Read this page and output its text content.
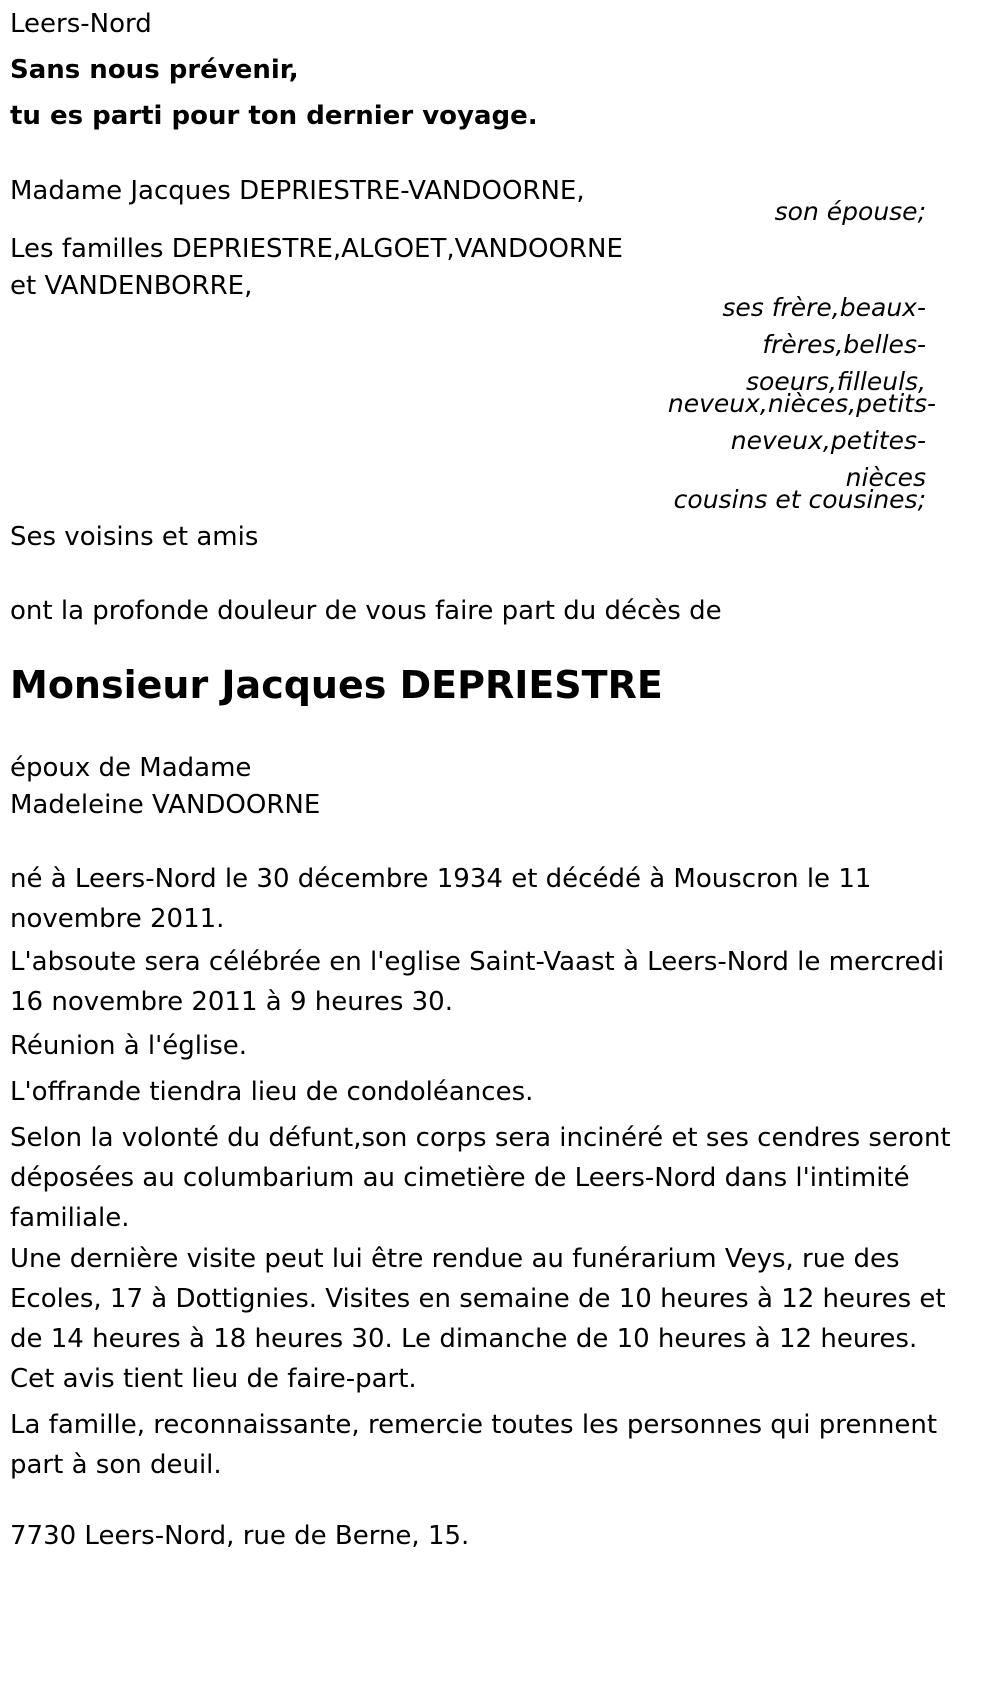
Leers-Nord
Sans nous prévenir,
tu es parti pour ton dernier voyage.
Madame Jacques DEPRIESTRE-VANDOORNE,
son épouse;
Les familles DEPRIESTRE,ALGOET,VANDOORNE
et VANDENBORRE,
ses frère,beaux-
frères,belles-
soeurs,filleuls,
neveux,nièces,petits-
neveux,petites-
nièces
cousins et cousines;
Ses voisins et amis
ont la profonde douleur de vous faire part du décès de
Monsieur Jacques DEPRIESTRE
époux de Madame
Madeleine VANDOORNE
né à Leers-Nord le 30 décembre 1934 et décédé à Mouscron le 11 novembre 2011.
L'absoute sera célébrée en l'eglise Saint-Vaast à Leers-Nord le mercredi 16 novembre 2011 à 9 heures 30.
Réunion à l'église.
L'offrande tiendra lieu de condoléances.
Selon la volonté du défunt,son corps sera incinéré et ses cendres seront déposées au columbarium au cimetière de Leers-Nord dans l'intimité familiale.
Une dernière visite peut lui être rendue au funérarium Veys, rue des Ecoles, 17 à Dottignies. Visites en semaine de 10 heures à 12 heures et de 14 heures à 18 heures 30. Le dimanche de 10 heures à 12 heures.
Cet avis tient lieu de faire-part.
La famille, reconnaissante, remercie toutes les personnes qui prennent part à son deuil.
7730 Leers-Nord, rue de Berne, 15.
